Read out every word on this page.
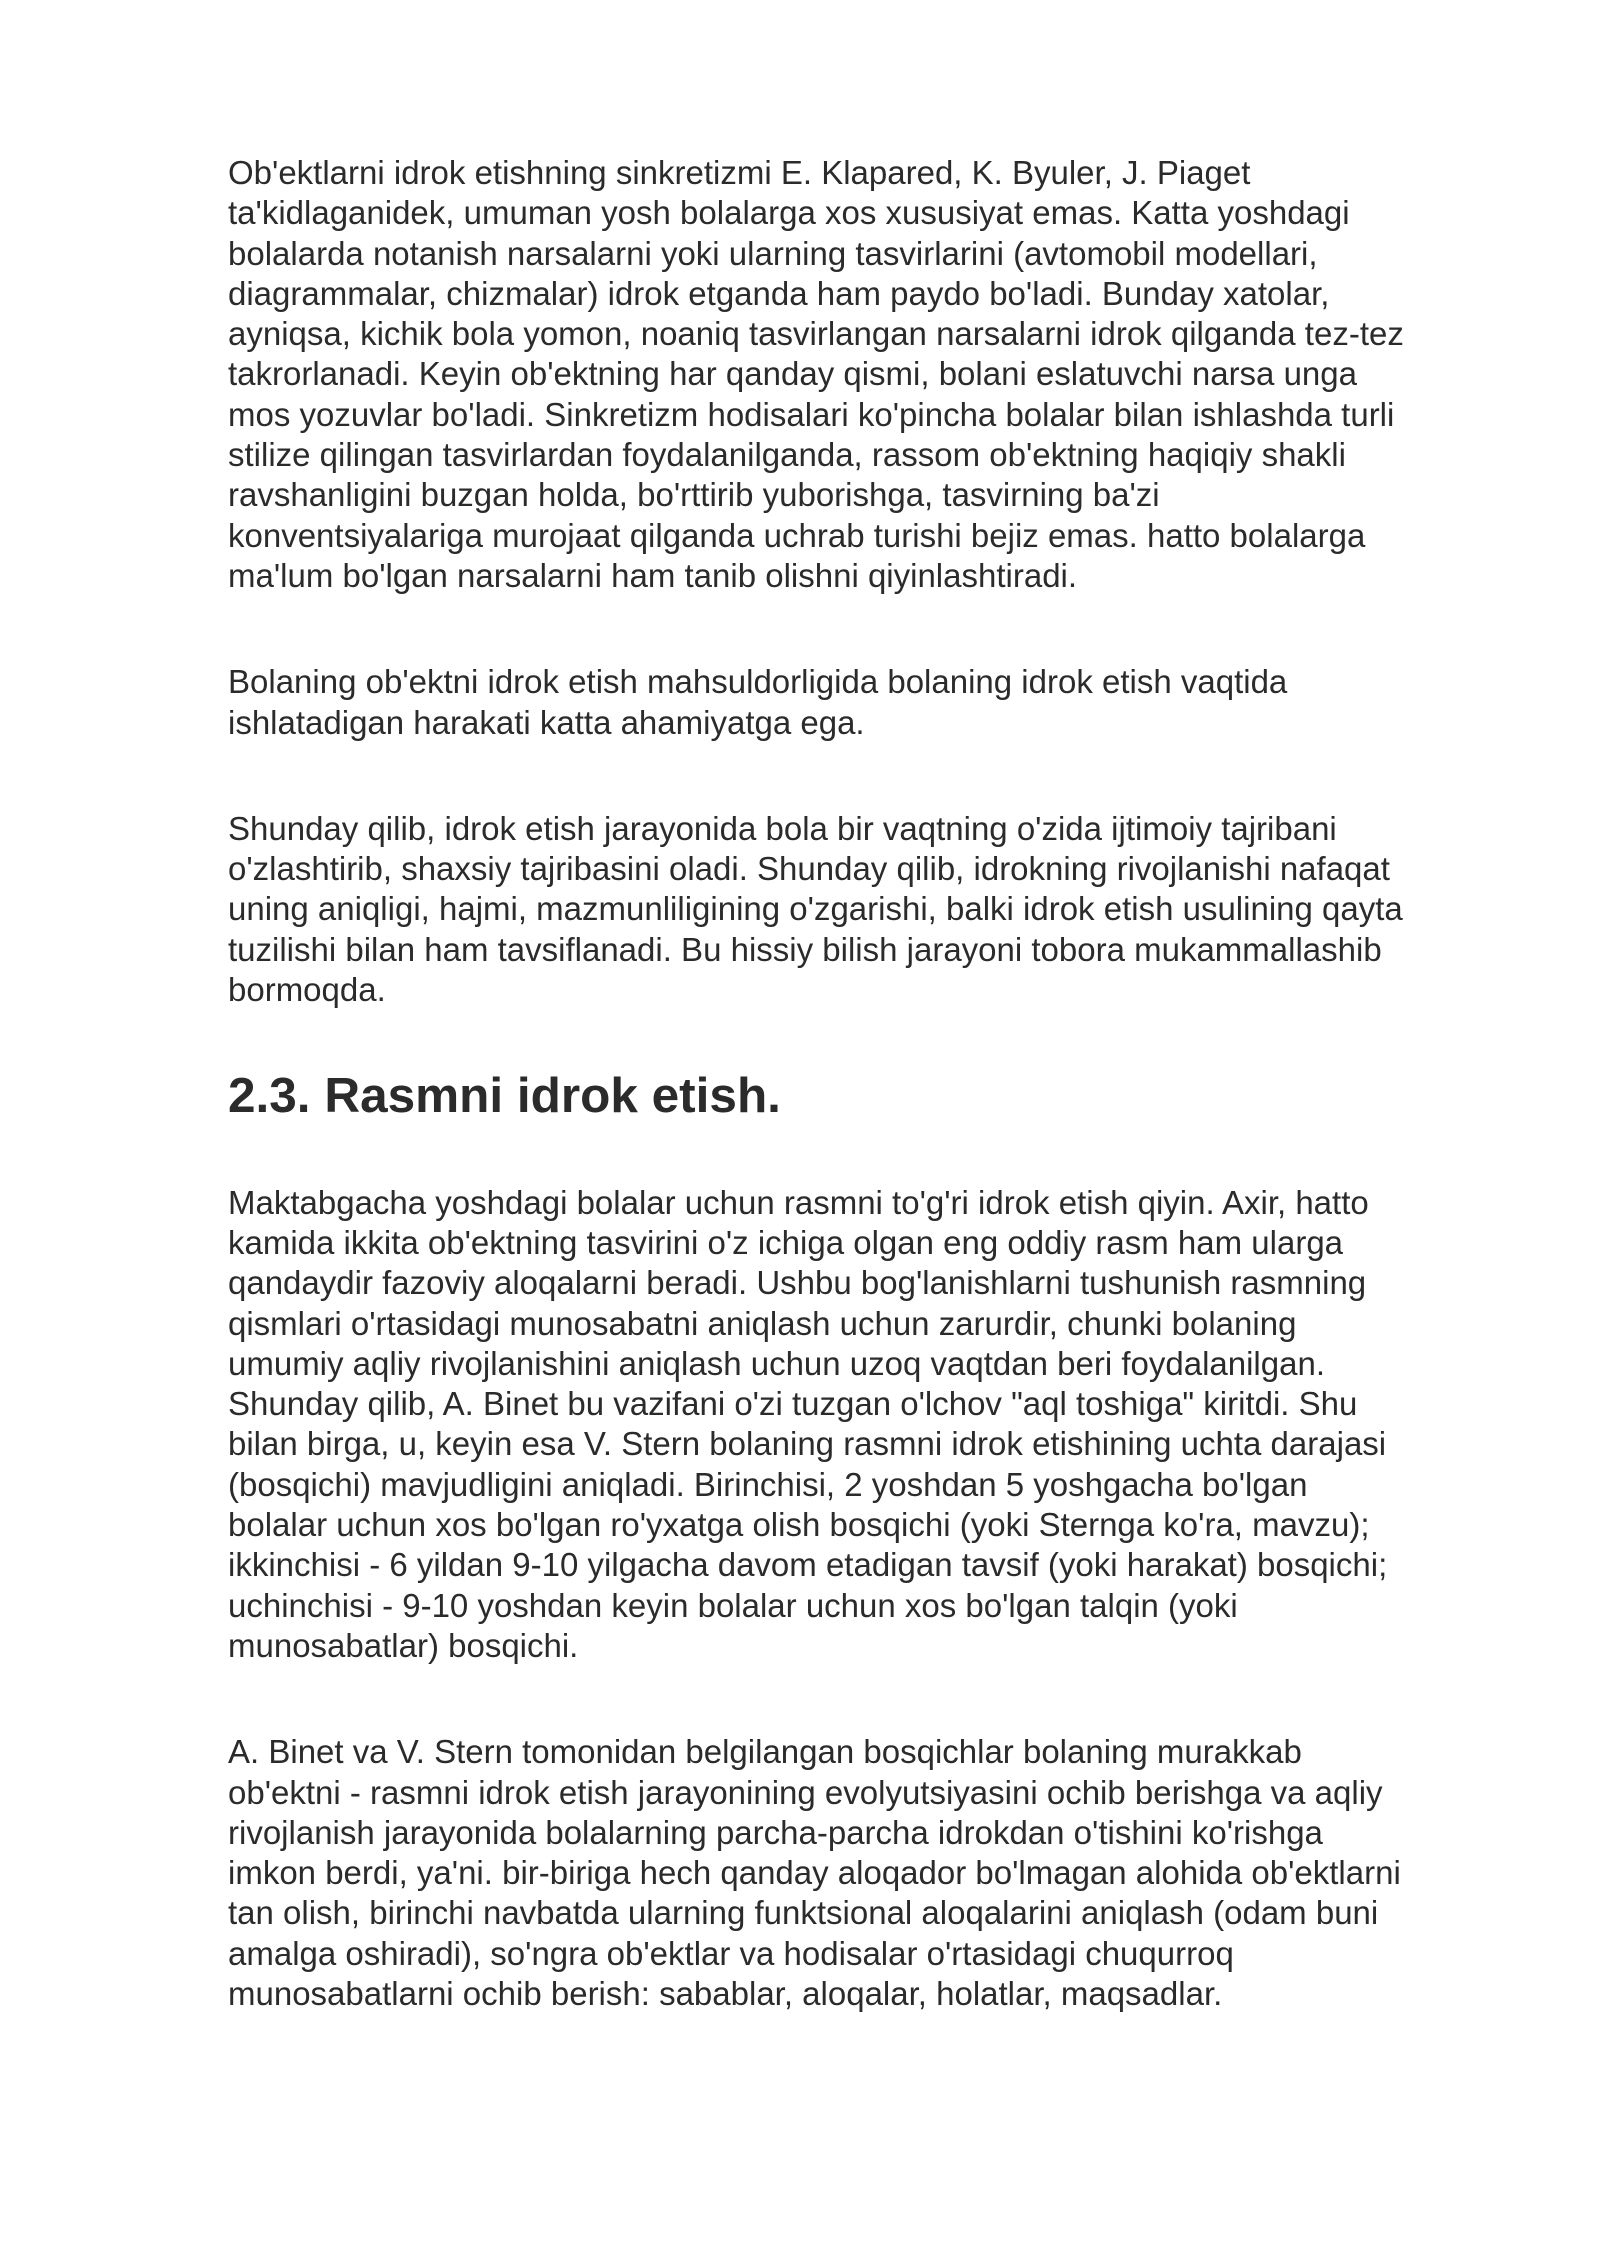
Ob'ektlarni idrok etishning sinkretizmi E. Klapared, K. Byuler, J. Piaget
ta'kidlaganidek, umuman yosh bolalarga xos xususiyat emas. Katta yoshdagi
bolalarda notanish narsalarni yoki ularning tasvirlarini (avtomobil modellari,
diagrammalar, chizmalar) idrok etganda ham paydo bo'ladi. Bunday xatolar,
ayniqsa, kichik bola yomon, noaniq tasvirlangan narsalarni idrok qilganda tez-tez
takrorlanadi. Keyin ob'ektning har qanday qismi, bolani eslatuvchi narsa unga
mos yozuvlar bo'ladi. Sinkretizm hodisalari ko'pincha bolalar bilan ishlashda turli
stilize qilingan tasvirlardan foydalanilganda, rassom ob'ektning haqiqiy shakli
ravshanligini buzgan holda, bo'rttirib yuborishga, tasvirning ba'zi
konventsiyalariga murojaat qilganda uchrab turishi bejiz emas. hatto bolalarga
ma'lum bo'lgan narsalarni ham tanib olishni qiyinlashtiradi.

Bolaning ob'ektni idrok etish mahsuldorligida bolaning idrok etish vaqtida
ishlatadigan harakati katta ahamiyatga ega.

Shunday qilib, idrok etish jarayonida bola bir vaqtning o'zida ijtimoiy tajribani
o'zlashtirib, shaxsiy tajribasini oladi. Shunday qilib, idrokning rivojlanishi nafaqat
uning aniqligi, hajmi, mazmunliligining o'zgarishi, balki idrok etish usulining qayta
tuzilishi bilan ham tavsiflanadi. Bu hissiy bilish jarayoni tobora mukammallashib
bormoqda.

2.3. Rasmni idrok etish.

Maktabgacha yoshdagi bolalar uchun rasmni to'g'ri idrok etish qiyin. Axir, hatto
kamida ikkita ob'ektning tasvirini o'z ichiga olgan eng oddiy rasm ham ularga
qandaydir fazoviy aloqalarni beradi. Ushbu bog'lanishlarni tushunish rasmning
qismlari o'rtasidagi munosabatni aniqlash uchun zarurdir, chunki bolaning
umumiy aqliy rivojlanishini aniqlash uchun uzoq vaqtdan beri foydalanilgan.
Shunday qilib, A. Binet bu vazifani o'zi tuzgan o'lchov "aql toshiga" kiritdi. Shu
bilan birga, u, keyin esa V. Stern bolaning rasmni idrok etishining uchta darajasi
(bosqichi) mavjudligini aniqladi. Birinchisi, 2 yoshdan 5 yoshgacha bo'lgan
bolalar uchun xos bo'lgan ro'yxatga olish bosqichi (yoki Sternga ko'ra, mavzu);
ikkinchisi - 6 yildan 9-10 yilgacha davom etadigan tavsif (yoki harakat) bosqichi;
uchinchisi - 9-10 yoshdan keyin bolalar uchun xos bo'lgan talqin (yoki
munosabatlar) bosqichi.

A. Binet va V. Stern tomonidan belgilangan bosqichlar bolaning murakkab
ob'ektni - rasmni idrok etish jarayonining evolyutsiyasini ochib berishga va aqliy
rivojlanish jarayonida bolalarning parcha-parcha idrokdan o'tishini ko'rishga
imkon berdi, ya'ni. bir-biriga hech qanday aloqador bo'lmagan alohida ob'ektlarni
tan olish, birinchi navbatda ularning funktsional aloqalarini aniqlash (odam buni
amalga oshiradi), so'ngra ob'ektlar va hodisalar o'rtasidagi chuqurroq
munosabatlarni ochib berish: sabablar, aloqalar, holatlar, maqsadlar.
